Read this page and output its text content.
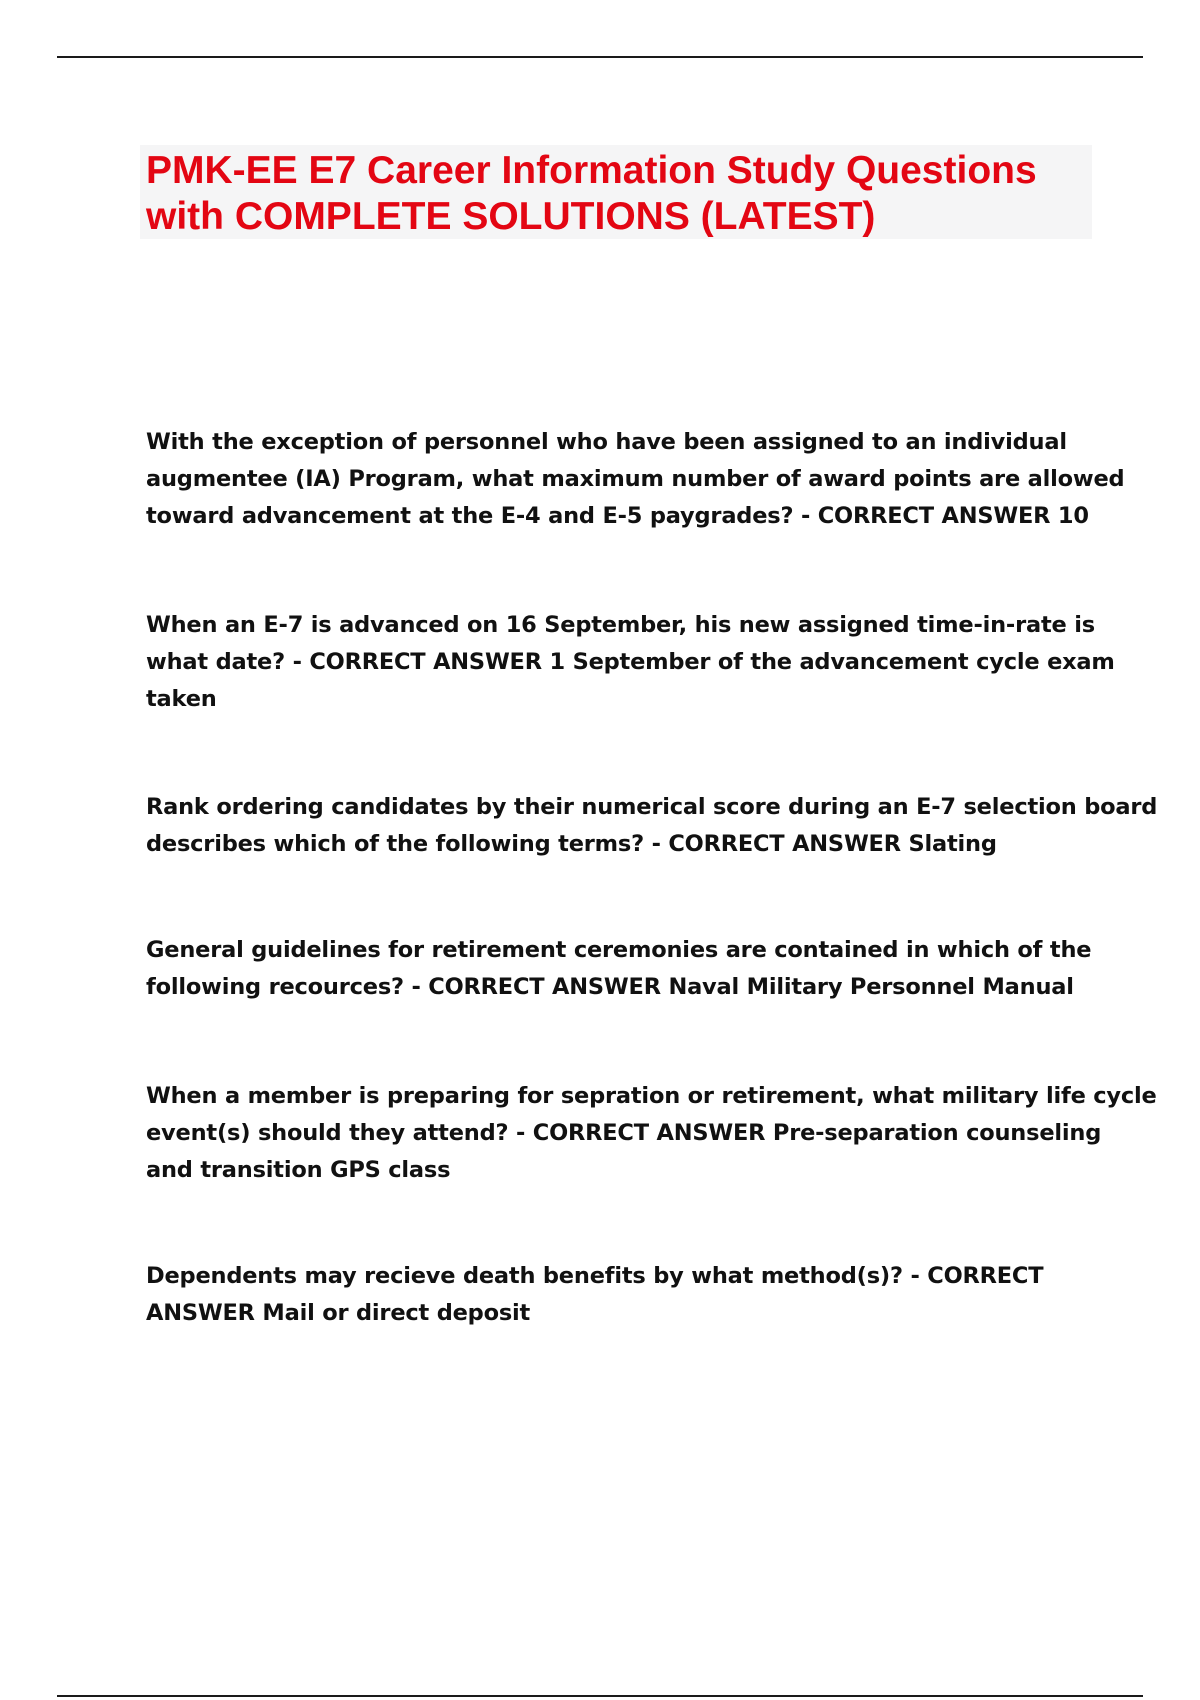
PMK-EE E7 Career Information Study Questions
with COMPLETE SOLUTIONS (LATEST)

With the exception of personnel who have been assigned to an individual
augmentee (IA) Program, what maximum number of award points are allowed
toward advancement at the E-4 and E-5 paygrades? - CORRECT ANSWER 10

When an E-7 is advanced on 16 September, his new assigned time-in-rate is
what date? - CORRECT ANSWER 1 September of the advancement cycle exam
taken

Rank ordering candidates by their numerical score during an E-7 selection board
describes which of the following terms? - CORRECT ANSWER Slating

General guidelines for retirement ceremonies are contained in which of the
following recources? - CORRECT ANSWER Naval Military Personnel Manual

When a member is preparing for sepration or retirement, what military life cycle
event(s) should they attend? - CORRECT ANSWER Pre-separation counseling
and transition GPS class

Dependents may recieve death benefits by what method(s)? - CORRECT
ANSWER Mail or direct deposit
